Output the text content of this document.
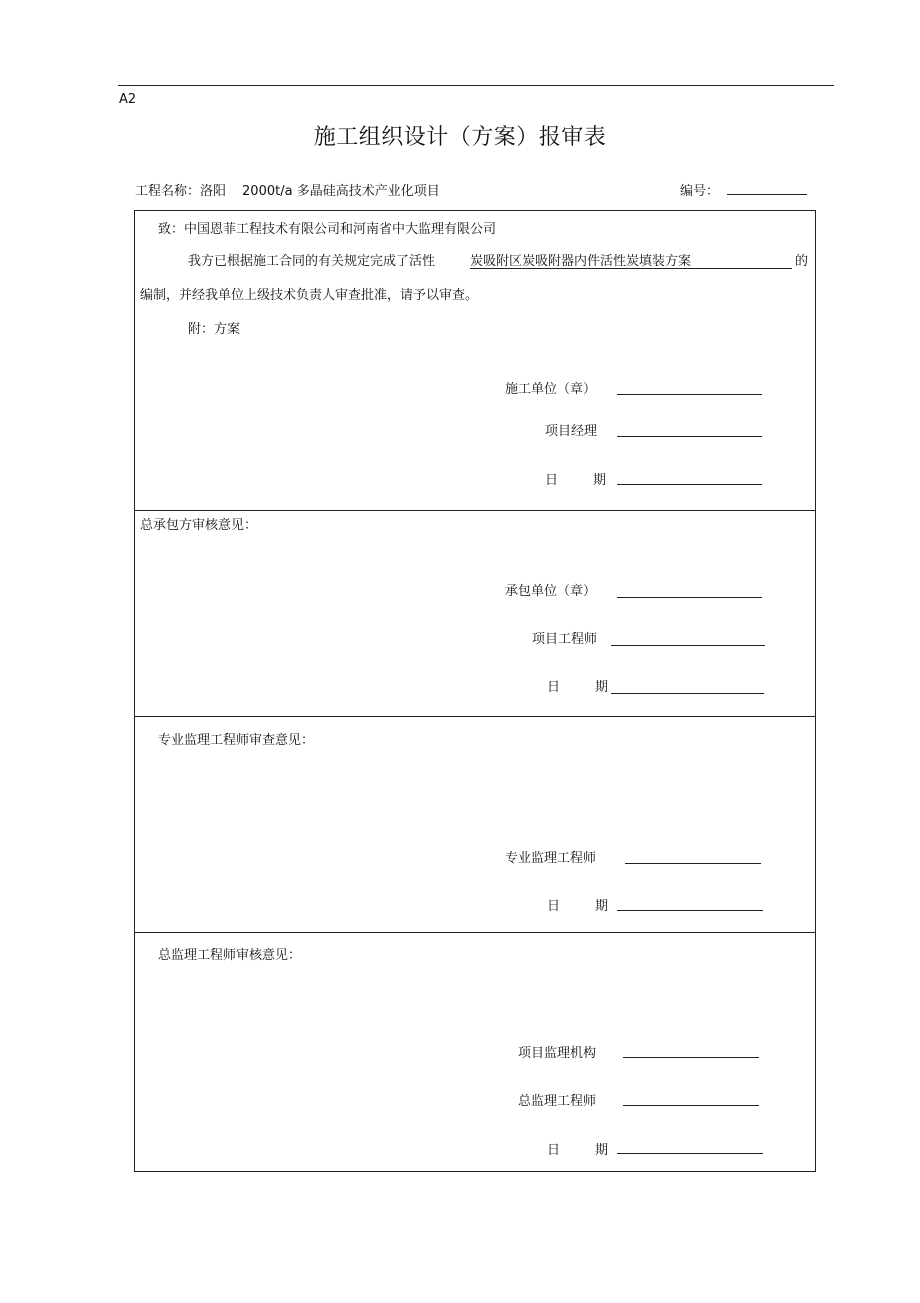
A2
施工组织设计（方案）报审表
工程名称：洛阳 2000t/a 多晶硅高技术产业化项目	编号：
致：中国恩菲工程技术有限公司和河南省中大监理有限公司
我方已根据施工合同的有关规定完成了活性	炭吸附区炭吸附器内件活性炭填装方案	的
编制，并经我单位上级技术负责人审查批准，请予以审查。
附：方案
施工单位（章）
项目经理
日	期
总承包方审核意见：
承包单位（章）
项目工程师
日	期
专业监理工程师审查意见：
专业监理工程师
日	期
总监理工程师审核意见：
项目监理机构
总监理工程师
日	期
